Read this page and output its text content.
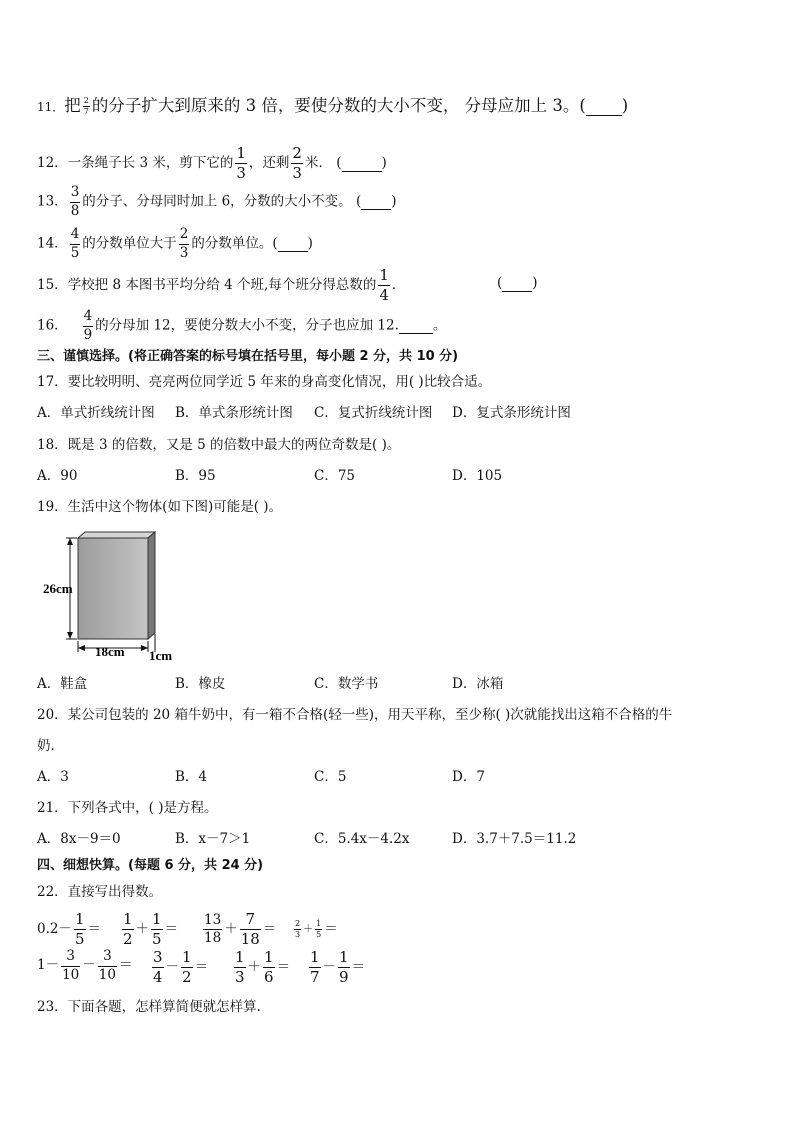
11．把 $\frac{2}{7}$ 的分子扩大到原来的 3 倍，要使分数的大小不变， 分母应加上 3。( )
12．一条绳子长 3 米，剪下它的 $\frac{1}{3}$ ，还剩 $\frac{2}{3}$ 米． (	)
13． $\frac{3}{8}$ 的分子、分母同时加上 6，分数的大小不变。 ( )
14． $\frac{4}{5}$ 的分数单位大于 $\frac{2}{3}$ 的分数单位。( )
15．学校把 8 本图书平均分给 4 个班,每个班分得总数的 $\frac{1}{4}$ ．	( )
16． $\frac{4}{9}$ 的分母加 12，要使分数大小不变，分子也应加 12.	。
三、谨慎选择。(将正确答案的标号填在括号里，每小题 2 分，共 10 分)
17．要比较明明、亮亮两位同学近 5 年来的身高变化情况，用( )比较合适。
A．单式折线统计图 B．单式条形统计图 C．复式折线统计图 D．复式条形统计图
18．既是 3 的倍数，又是 5 的倍数中最大的两位奇数是( )。
A．90	B．95	C．75	D．105
19．生活中这个物体(如下图)可能是( )。
26cm
18cm 1cm
A．鞋盒	B．橡皮	C．数学书	D．冰箱
20．某公司包装的 20 箱牛奶中，有一箱不合格(轻一些)，用天平称，至少称( )次就能找出这箱不合格的牛
奶．
A．3	B．4	C．5	D．7
21．下列各式中，( )是方程。
A．8x－9＝0	B．x－7＞1	C．5.4x－4.2x	D．3.7＋7.5＝11.2
四、细想快算。(每题 6 分，共 24 分)
22．直接写出得数。
$0.2- \frac{1}{5} = \frac{1}{2} + \frac{1}{5} = \frac{13}{18} + \frac{7}{18} = \frac{2}{3} + \frac{1}{5}$ ＝
$1- \frac{3}{10} - \frac{3}{10} = \frac{3}{4} - \frac{1}{2} = \frac{1}{3} + \frac{1}{6} = \frac{1}{7} - \frac{1}{9}$ ＝
23．下面各题，怎样算简便就怎样算.
